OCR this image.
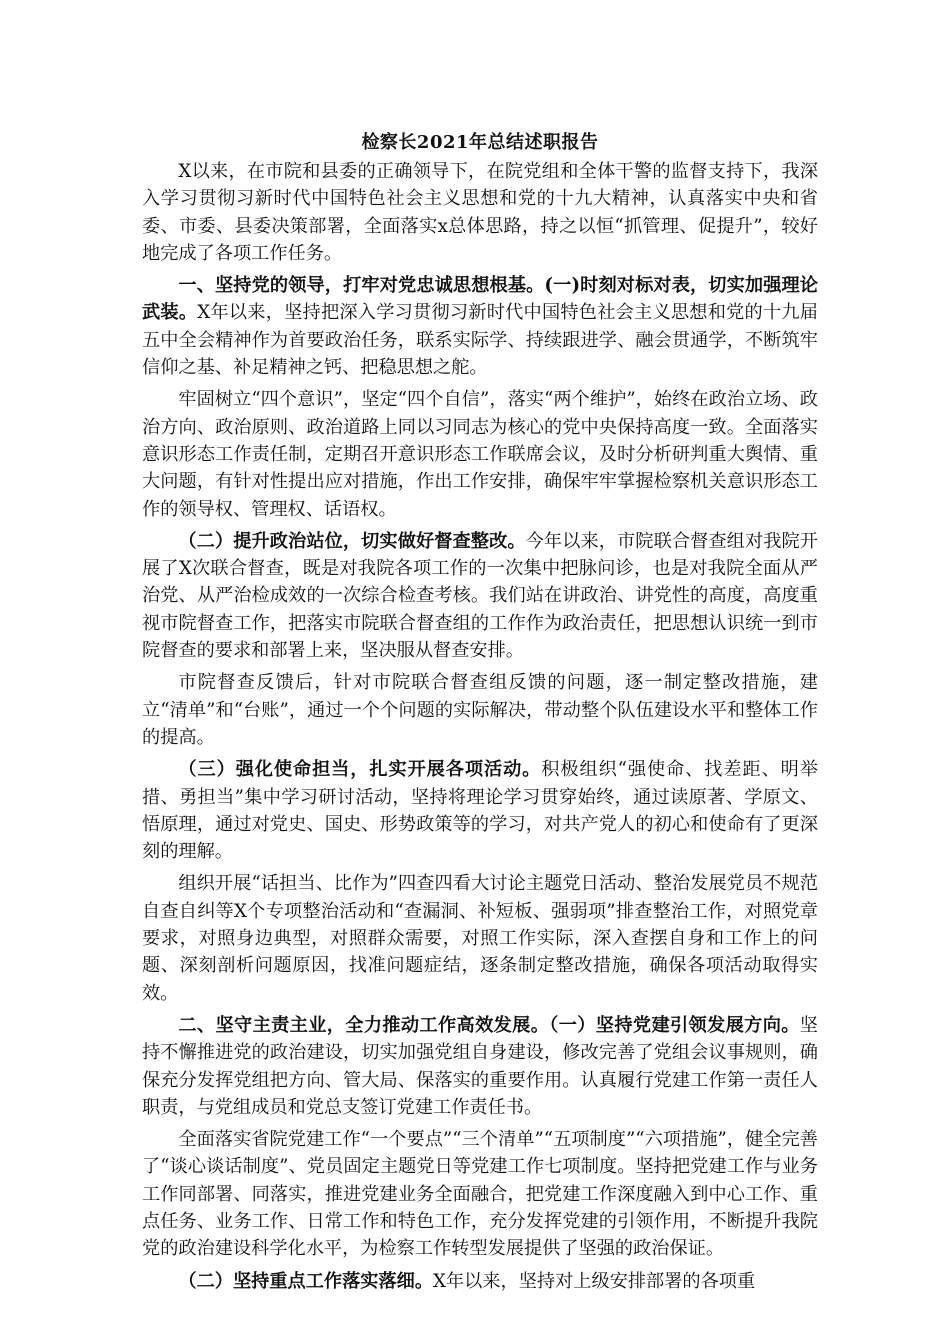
检察长2021年总结述职报告

X以来，在市院和县委的正确领导下，在院党组和全体干警的监督支持下，我深入学习贯彻习新时代中国特色社会主义思想和党的十九大精神，认真落实中央和省委、市委、县委决策部署，全面落实x总体思路，持之以恒“抓管理、促提升”，较好地完成了各项工作任务。

一、坚持党的领导，打牢对党忠诚思想根基。(一)时刻对标对表，切实加强理论武装。X年以来，坚持把深入学习贯彻习新时代中国特色社会主义思想和党的十九届五中全会精神作为首要政治任务，联系实际学、持续跟进学、融会贯通学，不断筑牢信仰之基、补足精神之钙、把稳思想之舵。

牢固树立“四个意识”，坚定“四个自信”，落实“两个维护”，始终在政治立场、政治方向、政治原则、政治道路上同以习同志为核心的党中央保持高度一致。全面落实意识形态工作责任制，定期召开意识形态工作联席会议，及时分析研判重大舆情、重大问题，有针对性提出应对措施，作出工作安排，确保牢牢掌握检察机关意识形态工作的领导权、管理权、话语权。

（二）提升政治站位，切实做好督查整改。今年以来，市院联合督查组对我院开展了X次联合督查，既是对我院各项工作的一次集中把脉问诊，也是对我院全面从严治党、从严治检成效的一次综合检查考核。我们站在讲政治、讲党性的高度，高度重视市院督查工作，把落实市院联合督查组的工作作为政治责任，把思想认识统一到市院督查的要求和部署上来，坚决服从督查安排。

市院督查反馈后，针对市院联合督查组反馈的问题，逐一制定整改措施，建立“清单”和“台账”，通过一个个问题的实际解决，带动整个队伍建设水平和整体工作的提高。

（三）强化使命担当，扎实开展各项活动。积极组织“强使命、找差距、明举措、勇担当”集中学习研讨活动，坚持将理论学习贯穿始终，通过读原著、学原文、悟原理，通过对党史、国史、形势政策等的学习，对共产党人的初心和使命有了更深刻的理解。

组织开展“话担当、比作为”四查四看大讨论主题党日活动、整治发展党员不规范自查自纠等X个专项整治活动和“查漏洞、补短板、强弱项”排查整治工作，对照党章要求，对照身边典型，对照群众需要，对照工作实际，深入查摆自身和工作上的问题、深刻剖析问题原因，找准问题症结，逐条制定整改措施，确保各项活动取得实效。

二、坚守主责主业，全力推动工作高效发展。（一）坚持党建引领发展方向。坚持不懈推进党的政治建设，切实加强党组自身建设，修改完善了党组会议事规则，确保充分发挥党组把方向、管大局、保落实的重要作用。认真履行党建工作第一责任人职责，与党组成员和党总支签订党建工作责任书。

全面落实省院党建工作“一个要点”“三个清单”“五项制度”“六项措施”，健全完善了“谈心谈话制度”、党员固定主题党日等党建工作七项制度。坚持把党建工作与业务工作同部署、同落实，推进党建业务全面融合，把党建工作深度融入到中心工作、重点任务、业务工作、日常工作和特色工作，充分发挥党建的引领作用，不断提升我院党的政治建设科学化水平，为检察工作转型发展提供了坚强的政治保证。

（二）坚持重点工作落实落细。X年以来，坚持对上级安排部署的各项重
